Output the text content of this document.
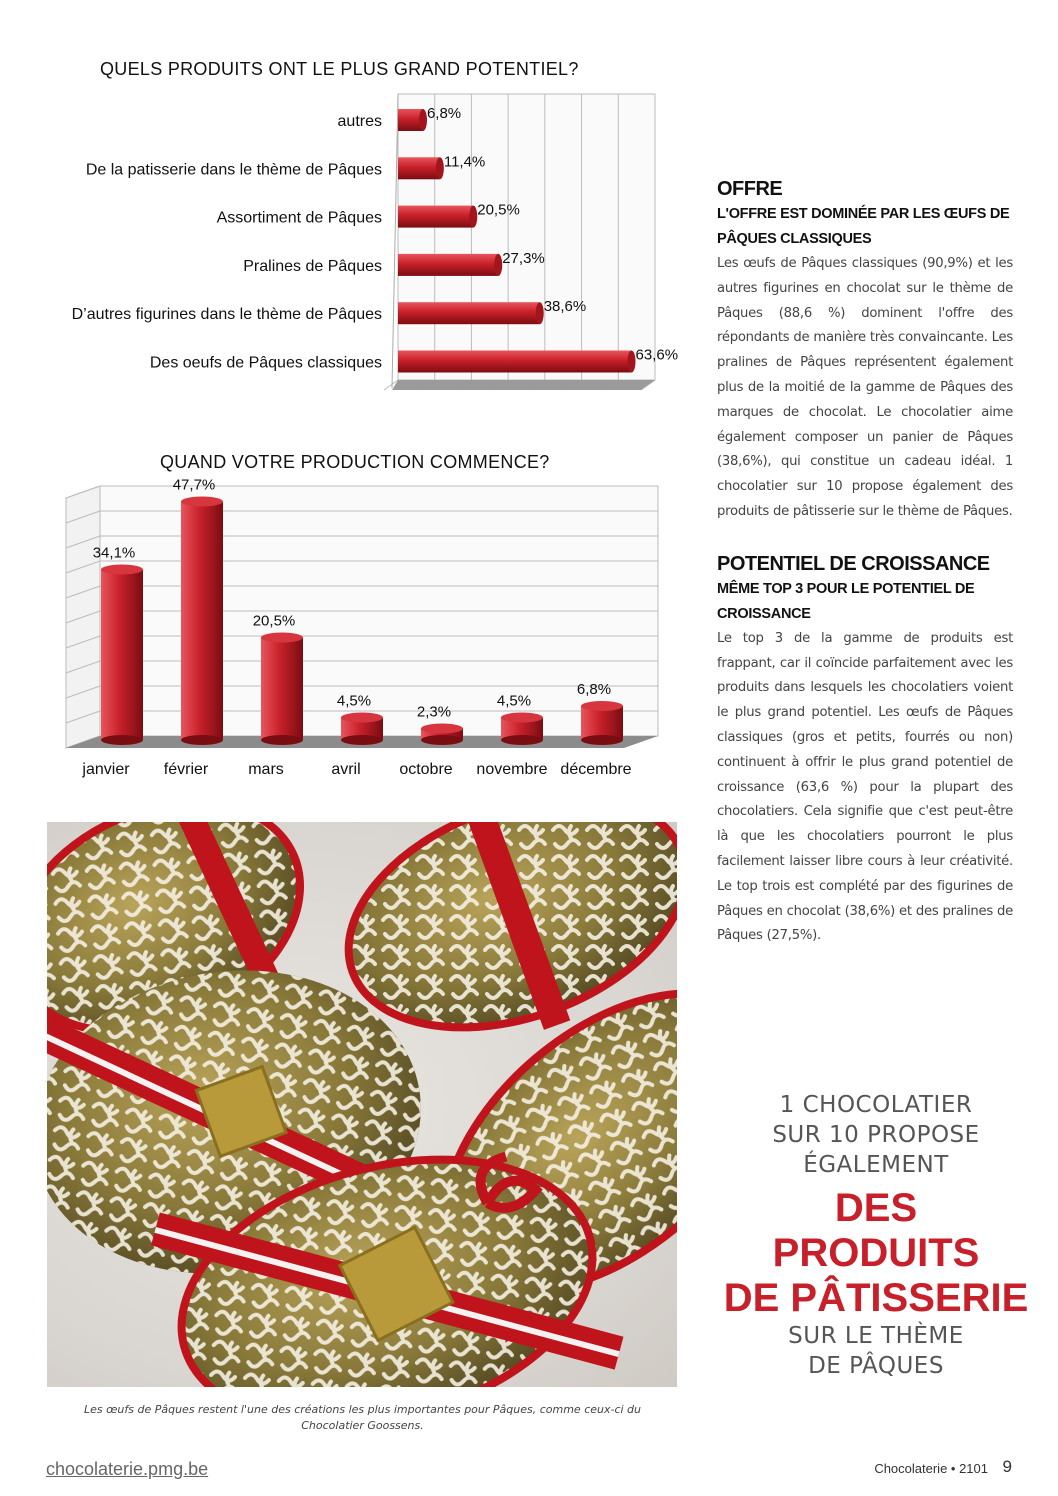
QUELS PRODUITS ONT LE PLUS GRAND POTENTIEL?
6,8%
autres
11,4%
De la patisserie dans le thème de Pâques
20,5%
Assortiment de Pâques
27,3%
Pralines de Pâques
38,6%
D’autres figurines dans le thème de Pâques
63,6%
Des oeufs de Pâques classiques
QUAND VOTRE PRODUCTION COMMENCE?
34,1%
janvier
47,7%
février
20,5%
mars
4,5%
avril
2,3%
octobre
4,5%
novembre
6,8%
décembre
OFFRE

L'OFFRE EST DOMINÉE PAR LES ŒUFS DE PÂQUES CLASSIQUES

Les œufs de Pâques classiques (90,9%) et les autres figurines en chocolat sur le thème de Pâques (88,6 %) dominent l'offre des répondants de manière très convaincante. Les pralines de Pâques représentent également plus de la moitié de la gamme de Pâques des marques de chocolat. Le chocolatier aime également composer un panier de Pâques (38,6%), qui constitue un cadeau idéal. 1 chocolatier sur 10 propose également des produits de pâtisserie sur le thème de Pâques.

POTENTIEL DE CROISSANCE

MÊME TOP 3 POUR LE POTENTIEL DE CROISSANCE

Le top 3 de la gamme de produits est frappant, car il coïncide parfaitement avec les produits dans lesquels les chocolatiers voient le plus grand potentiel. Les œufs de Pâques classiques (gros et petits, fourrés ou non) continuent à offrir le plus grand potentiel de croissance (63,6 %) pour la plupart des chocolatiers. Cela signifie que c'est peut-être là que les chocolatiers pourront le plus facilement laisser libre cours à leur créativité. Le top trois est complété par des figurines de Pâques en chocolat (38,6%) et des pralines de Pâques (27,5%).

Les œufs de Pâques restent l'une des créations les plus importantes pour Pâques, comme ceux-ci du Chocolatier Goossens.
1 CHOCOLATIER
SUR 10 PROPOSE
ÉGALEMENT
DES
PRODUITS
DE PÂTISSERIE
SUR LE THÈME
DE PÂQUES
chocolaterie.pmg.be	Chocolaterie • 2101 9
